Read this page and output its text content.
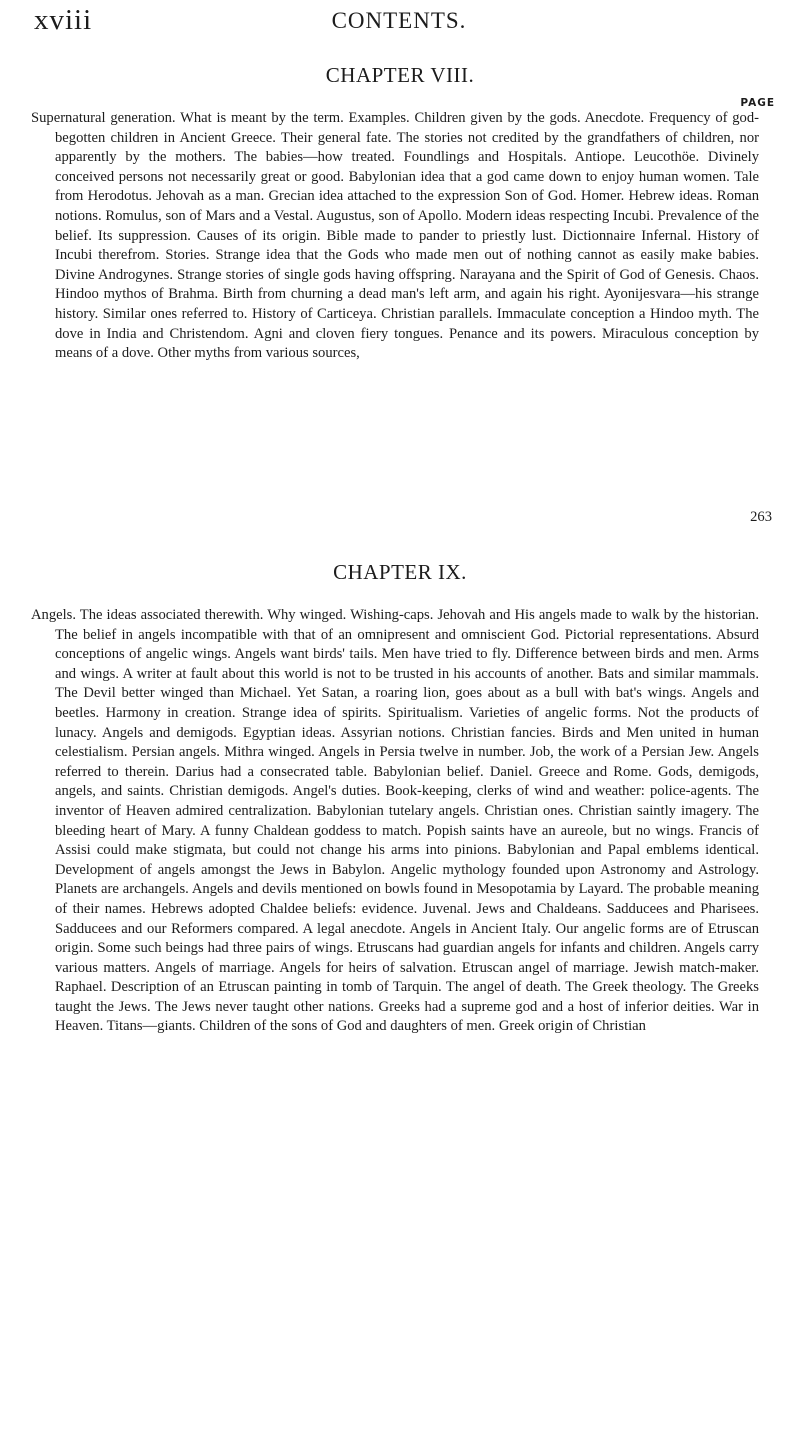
xviii	CONTENTS.
CHAPTER VIII.
PAGE

Supernatural generation. What is meant by the term. Examples. Children given by the gods. Anecdote. Frequency of god-begotten children in Ancient Greece. Their general fate. The stories not credited by the grandfathers of children, nor apparently by the mothers. The babies—how treated. Foundlings and Hospitals. Antiope. Leucothöe. Divinely conceived persons not necessarily great or good. Babylonian idea that a god came down to enjoy human women. Tale from Herodotus. Jehovah as a man. Grecian idea attached to the expression Son of God. Homer. Hebrew ideas. Roman notions. Romulus, son of Mars and a Vestal. Augustus, son of Apollo. Modern ideas respecting Incubi. Prevalence of the belief. Its suppression. Causes of its origin. Bible made to pander to priestly lust. Dictionnaire Infernal. History of Incubi therefrom. Stories. Strange idea that the Gods who made men out of nothing cannot as easily make babies. Divine Androgynes. Strange stories of single gods having offspring. Narayana and the Spirit of God of Genesis. Chaos. Hindoo mythos of Brahma. Birth from churning a dead man's left arm, and again his right. Ayonijesvara—his strange history. Similar ones referred to. History of Carticeya. Christian parallels. Immaculate conception a Hindoo myth. The dove in India and Christendom. Agni and cloven fiery tongues. Penance and its powers. Miraculous conception by means of a dove. Other myths from various sources,

263
CHAPTER IX.

Angels. The ideas associated therewith. Why winged. Wishing-caps. Jehovah and His angels made to walk by the historian. The belief in angels incompatible with that of an omnipresent and omniscient God. Pictorial representations. Absurd conceptions of angelic wings. Angels want birds' tails. Men have tried to fly. Difference between birds and men. Arms and wings. A writer at fault about this world is not to be trusted in his accounts of another. Bats and similar mammals. The Devil better winged than Michael. Yet Satan, a roaring lion, goes about as a bull with bat's wings. Angels and beetles. Harmony in creation. Strange idea of spirits. Spiritualism. Varieties of angelic forms. Not the products of lunacy. Angels and demigods. Egyptian ideas. Assyrian notions. Christian fancies. Birds and Men united in human celestialism. Persian angels. Mithra winged. Angels in Persia twelve in number. Job, the work of a Persian Jew. Angels referred to therein. Darius had a consecrated table. Babylonian belief. Daniel. Greece and Rome. Gods, demigods, angels, and saints. Christian demigods. Angel's duties. Book-keeping, clerks of wind and weather: police-agents. The inventor of Heaven admired centralization. Babylonian tutelary angels. Christian ones. Christian saintly imagery. The bleeding heart of Mary. A funny Chaldean goddess to match. Popish saints have an aureole, but no wings. Francis of Assisi could make stigmata, but could not change his arms into pinions. Babylonian and Papal emblems identical. Development of angels amongst the Jews in Babylon. Angelic mythology founded upon Astronomy and Astrology. Planets are archangels. Angels and devils mentioned on bowls found in Mesopotamia by Layard. The probable meaning of their names. Hebrews adopted Chaldee beliefs: evidence. Juvenal. Jews and Chaldeans. Sadducees and Pharisees. Sadducees and our Reformers compared. A legal anecdote. Angels in Ancient Italy. Our angelic forms are of Etruscan origin. Some such beings had three pairs of wings. Etruscans had guardian angels for infants and children. Angels carry various matters. Angels of marriage. Angels for heirs of salvation. Etruscan angel of marriage. Jewish match-maker. Raphael. Description of an Etruscan painting in tomb of Tarquin. The angel of death. The Greek theology. The Greeks taught the Jews. The Jews never taught other nations. Greeks had a supreme god and a host of inferior deities. War in Heaven. Titans—giants. Children of the sons of God and daughters of men. Greek origin of Christian
